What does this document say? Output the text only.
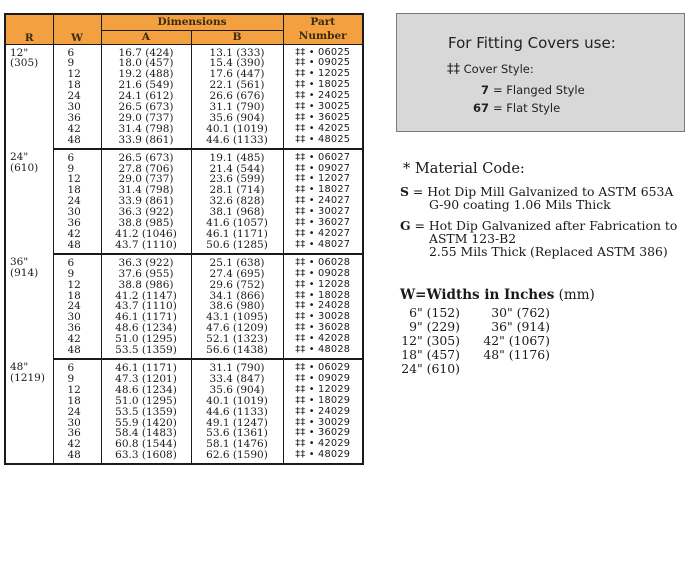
R	W	Dimensions		Part
		A	B	Number

12"
(305)	6	16.7 (424)	13.1 (333)	‡‡ • 06025
	9	18.0 (457)	15.4 (390)	‡‡ • 09025
	12	19.2 (488)	17.6 (447)	‡‡ • 12025
	18	21.6 (549)	22.1 (561)	‡‡ • 18025
	24	24.1 (612)	26.6 (676)	‡‡ • 24025
	30	26.5 (673)	31.1 (790)	‡‡ • 30025
	36	29.0 (737)	35.6 (904)	‡‡ • 36025
	42	31.4 (798)	40.1 (1019)	‡‡ • 42025
	48	33.9 (861)	44.6 (1133)	‡‡ • 48025

24"
(610)	6	26.5 (673)	19.1 (485)	‡‡ • 06027
	9	27.8 (706)	21.4 (544)	‡‡ • 09027
	12	29.0 (737)	23.6 (599)	‡‡ • 12027
	18	31.4 (798)	28.1 (714)	‡‡ • 18027
	24	33.9 (861)	32.6 (828)	‡‡ • 24027
	30	36.3 (922)	38.1 (968)	‡‡ • 30027
	36	38.8 (985)	41.6 (1057)	‡‡ • 36027
	42	41.2 (1046)	46.1 (1171)	‡‡ • 42027
	48	43.7 (1110)	50.6 (1285)	‡‡ • 48027

36"
(914)	6	36.3 (922)	25.1 (638)	‡‡ • 06028
	9	37.6 (955)	27.4 (695)	‡‡ • 09028
	12	38.8 (986)	29.6 (752)	‡‡ • 12028
	18	41.2 (1147)	34.1 (866)	‡‡ • 18028
	24	43.7 (1110)	38.6 (980)	‡‡ • 24028
	30	46.1 (1171)	43.1 (1095)	‡‡ • 30028
	36	48.6 (1234)	47.6 (1209)	‡‡ • 36028
	42	51.0 (1295)	52.1 (1323)	‡‡ • 42028
	48	53.5 (1359)	56.6 (1438)	‡‡ • 48028

48"
(1219)	6	46.1 (1171)	31.1 (790)	‡‡ • 06029
	9	47.3 (1201)	33.4 (847)	‡‡ • 09029
	12	48.6 (1234)	35.6 (904)	‡‡ • 12029
	18	51.0 (1295)	40.1 (1019)	‡‡ • 18029
	24	53.5 (1359)	44.6 (1133)	‡‡ • 24029
	30	55.9 (1420)	49.1 (1247)	‡‡ • 30029
	36	58.4 (1483)	53.6 (1361)	‡‡ • 36029
	42	60.8 (1544)	58.1 (1476)	‡‡ • 42029
	48	63.3 (1608)	62.6 (1590)	‡‡ • 48029
For Fitting Covers use:
‡‡ Cover Style:
7 = Flanged Style
67 = Flat Style
* Material Code:
S = Hot Dip Mill Galvanized to ASTM 653A
G-90 coating 1.06 Mils Thick
G = Hot Dip Galvanized after Fabrication to
ASTM 123-B2
2.55 Mils Thick (Replaced ASTM 386)
W=Widths in Inches (mm)
6" (152)
9" (229)
12" (305)
18" (457)
24" (610)
30" (762)
36" (914)
42" (1067)
48" (1176)
